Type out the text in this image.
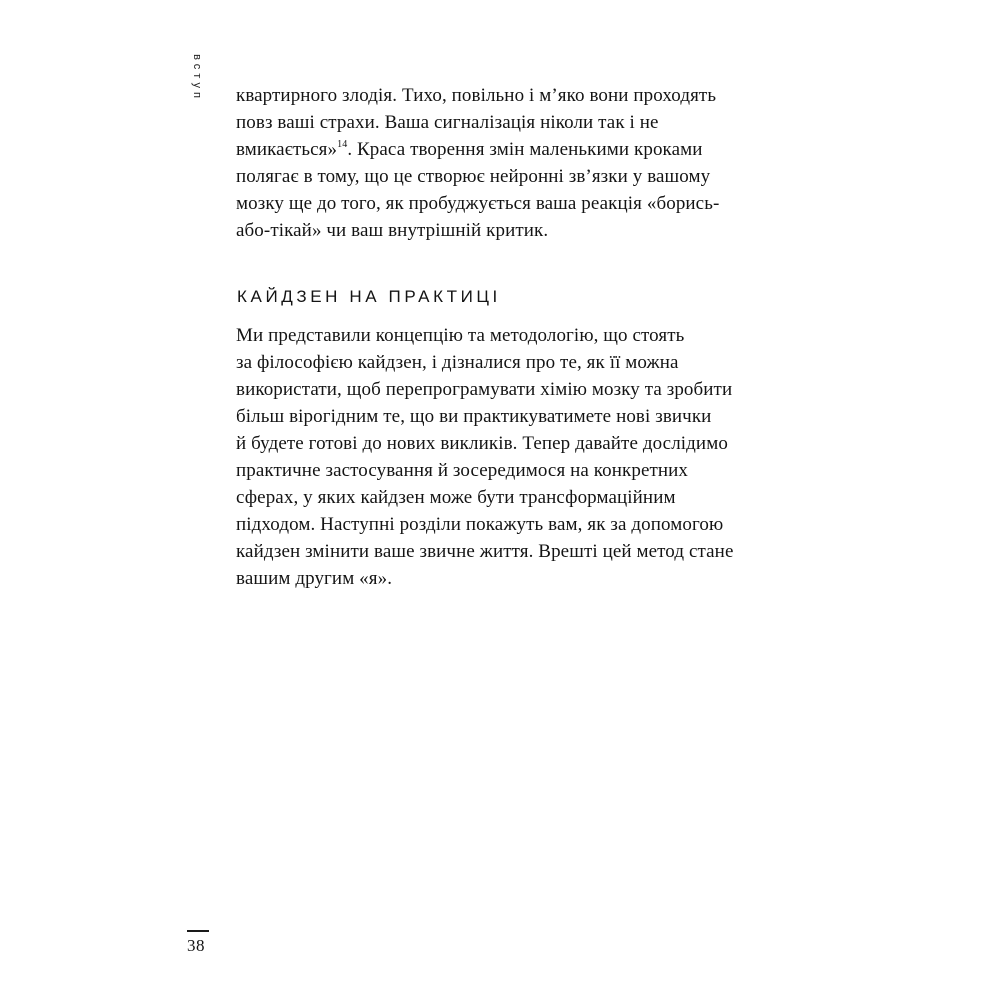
вступ квартирного злодія. Тихо, повільно і м’яко вони проходять
повз ваші страхи. Ваша сигналізація ніколи так і не
вмикається»$^{14}$. Краса творення змін маленькими кроками
полягає в тому, що це створює нейронні зв’язки у вашому
мозку ще до того, як пробуджується ваша реакція «борись-
або-тікай» чи ваш внутрішній критик.
КАЙДЗЕН НА ПРАКТИЦІ
Ми представили концепцію та методологію, що стоять
за філософією кайдзен, і дізналися про те, як її можна
використати, щоб перепрограмувати хімію мозку та зробити
більш вірогідним те, що ви практикуватимете нові звички
й будете готові до нових викликів. Тепер давайте дослідимо
практичне застосування й зосередимося на конкретних
сферах, у яких кайдзен може бути трансформаційним
підходом. Наступні розділи покажуть вам, як за допомогою
кайдзен змінити ваше звичне життя. Врешті цей метод стане
вашим другим «я».
38
